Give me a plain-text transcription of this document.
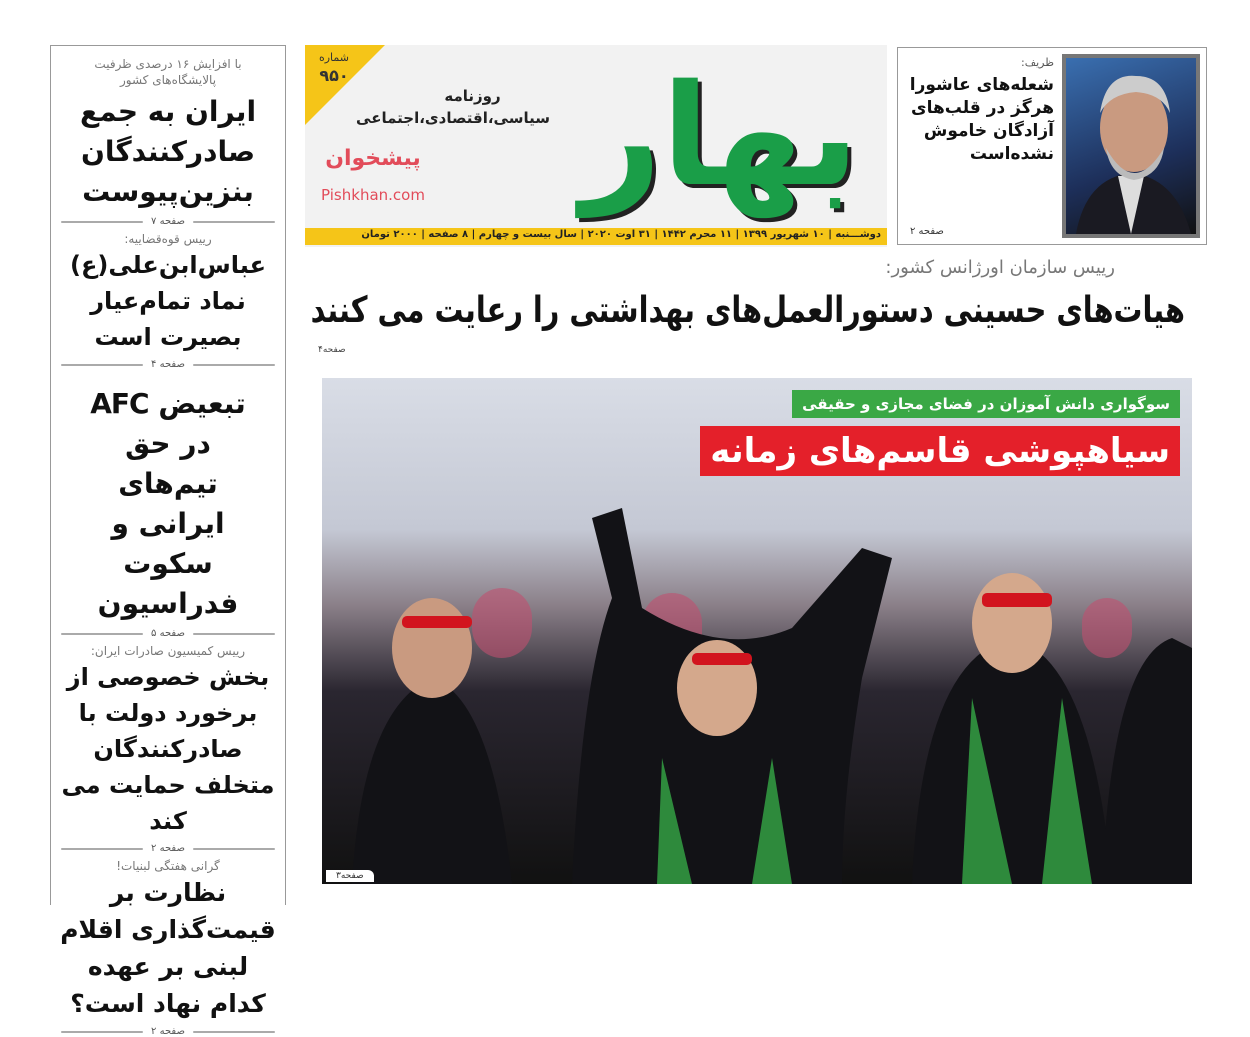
با افزایش ۱۶ درصدی ظرفیت پالایشگاه‌های کشور
ایران به جمع صادرکنندگان بنزین‌پیوست
صفحه ۷
رییس قوه‌قضاییه:
عباس‌ابن‌علی(ع) نماد تمام‌عیار بصیرت است
صفحه ۴
تبعیض AFC در حق تیم‌های ایرانی و سکوت فدراسیون
صفحه ۵
رییس کمیسیون صادرات ایران:
بخش خصوصی از برخورد دولت با صادرکنندگان متخلف حمایت می کند
صفحه ۲
گرانی هفتگی لبنیات!
نظارت بر قیمت‌گذاری اقلام لبنی بر عهده کدام نهاد است؟
صفحه ۲
بهار
شماره
۹۵۰
روزنامه
سیاسی،اقتصادی،اجتماعی
پیشخوان
Pishkhan.com
دوشـــنبه | ۱۰ شهریور ۱۳۹۹ | ۱۱ محرم ۱۴۴۲ | ۳۱ اوت ۲۰۲۰ | سال بیست و چهارم | ۸ صفحه | ۲۰۰۰ تومان
ظریف:
شعله‌های عاشورا هرگز در قلب‌های آزادگان خاموش نشده‌است
صفحه ۲
رییس سازمان اورژانس کشور:
هیات‌های حسینی دستورالعمل‌های بهداشتی را رعایت می کنند
صفحه۴
سوگواری دانش آموزان در فضای مجازی و حقیقی
سیاهپوشی قاسم‌های زمانه
صفحه۳
